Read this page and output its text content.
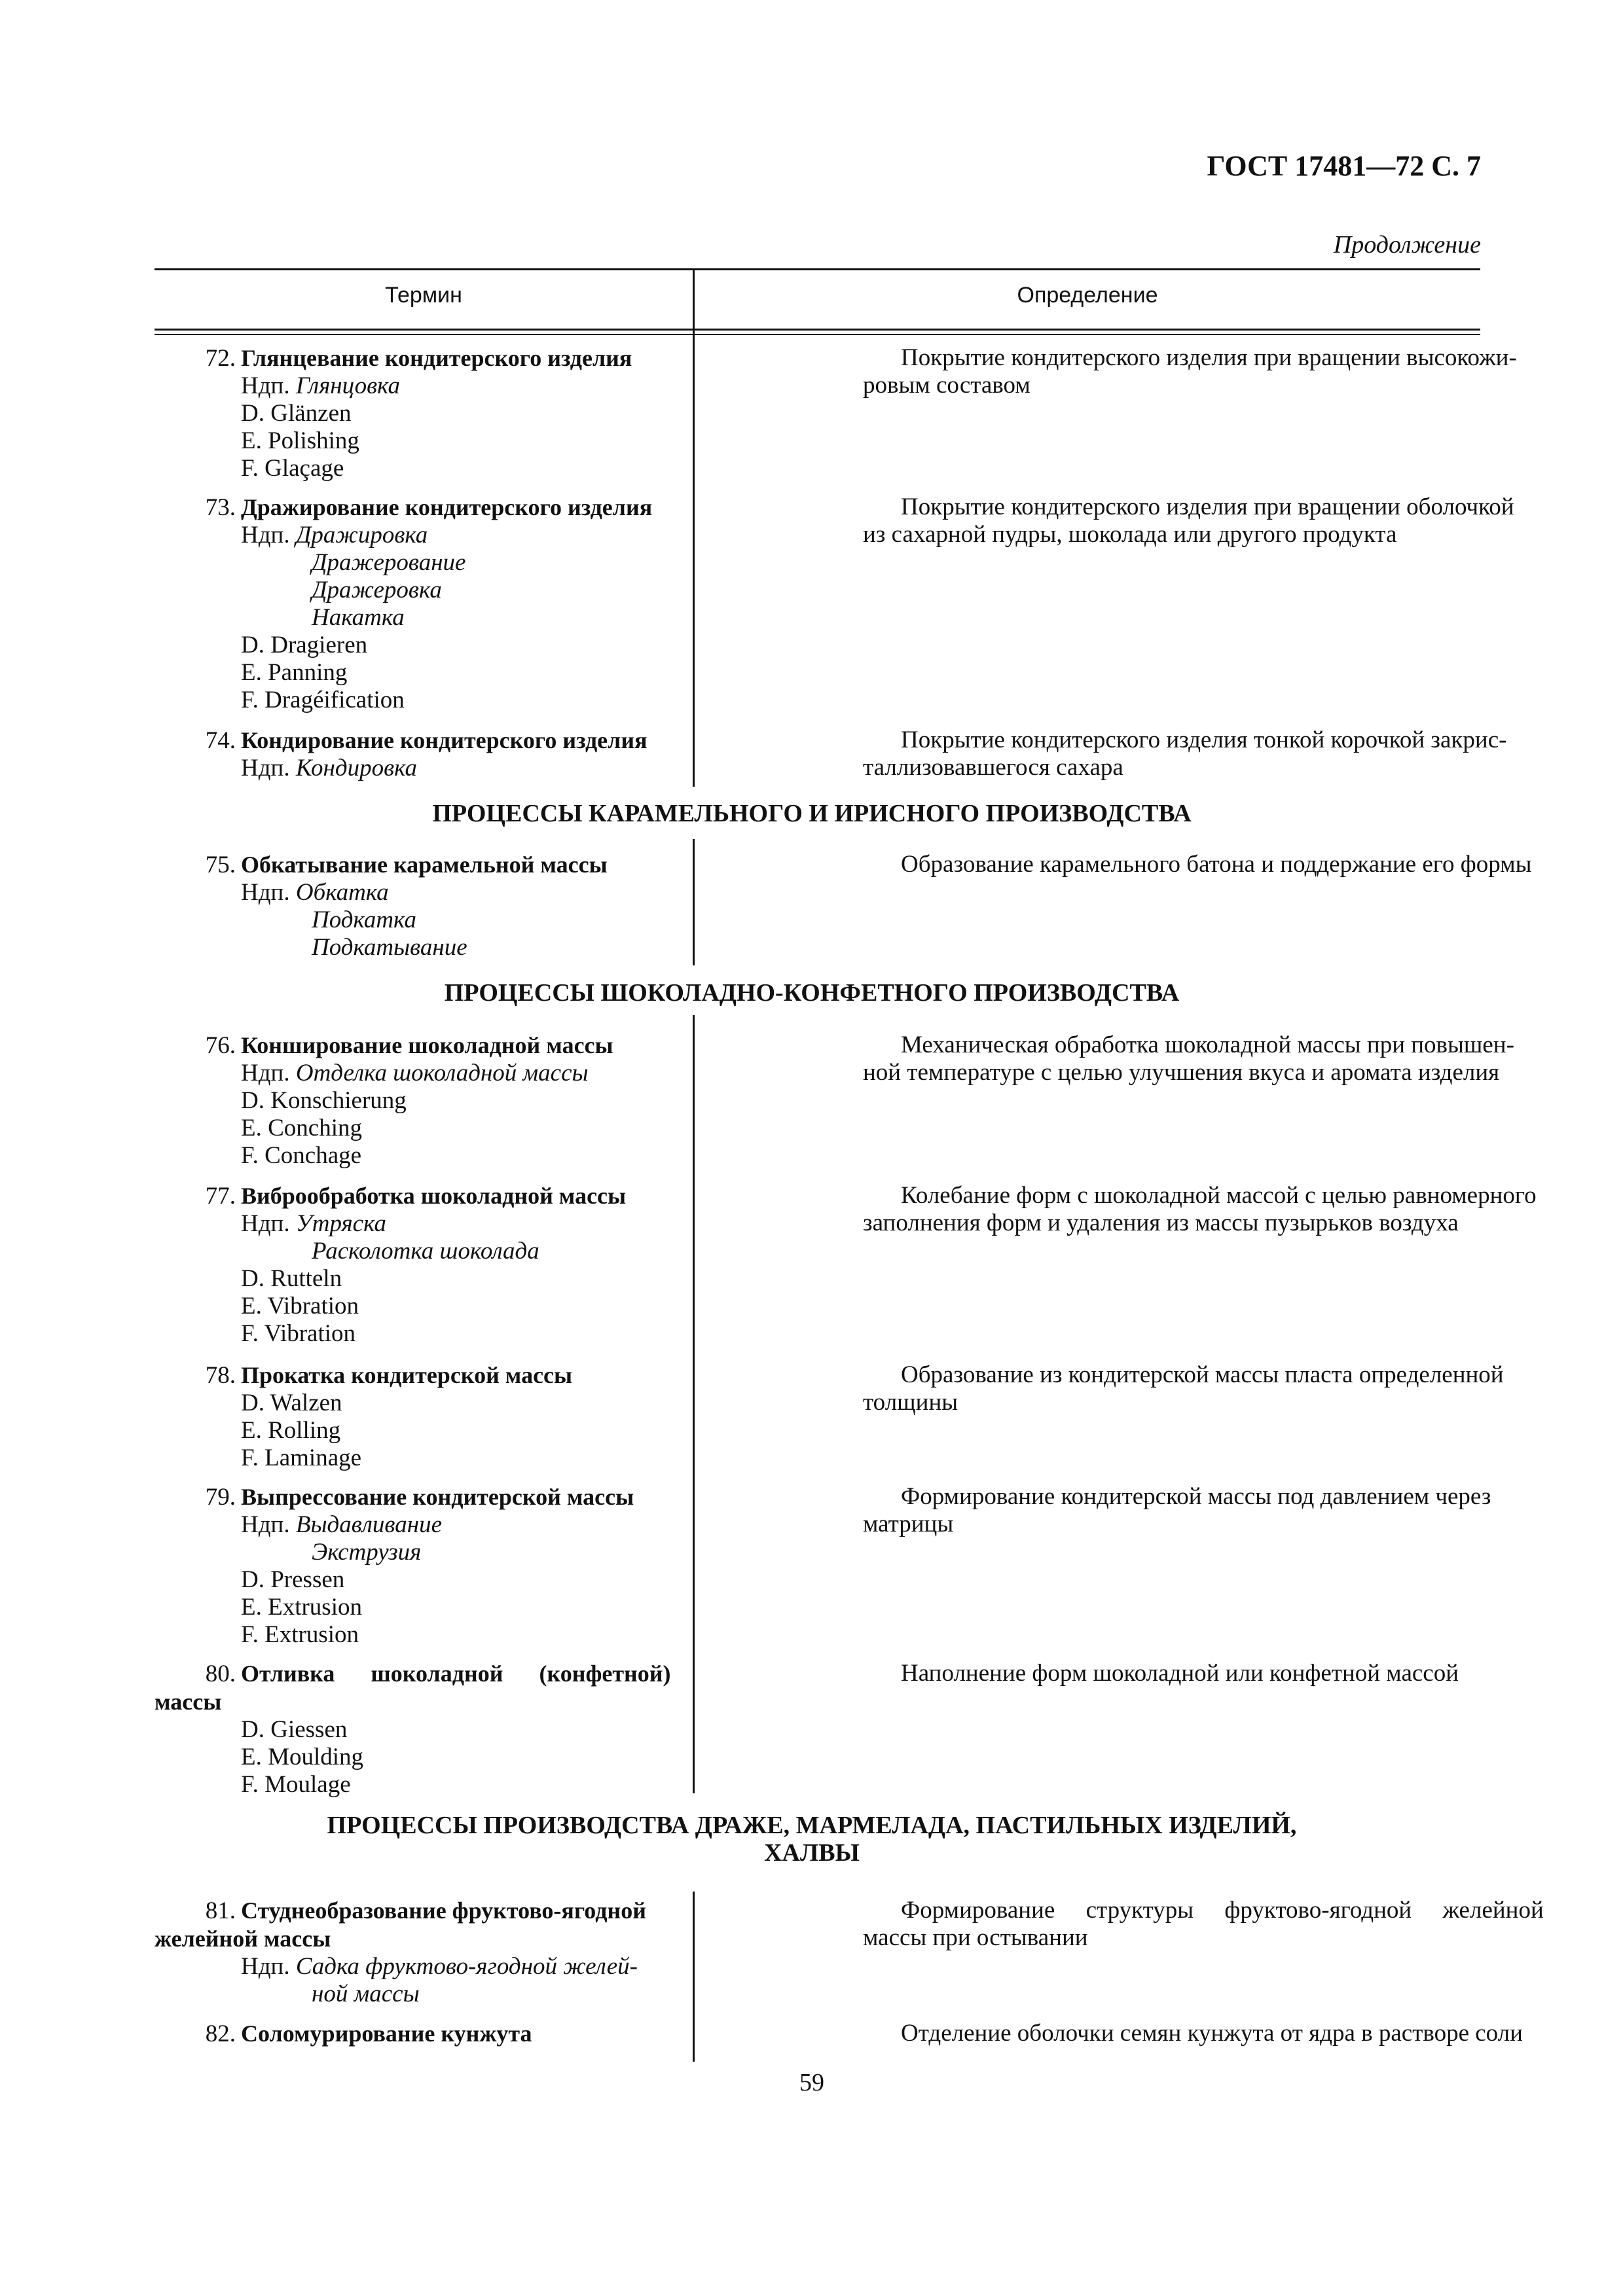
ГОСТ 17481—72 С. 7
Продолжение
Термин	Определение
72. Глянцевание кондитерского изделия
Ндп. Глянцовка
D. Glänzen
E. Polishing
F. Glaçage
Покрытие кондитерского изделия при вращении высокожи-
ровым составом
73. Дражирование кондитерского изделия
Ндп. Дражировка
Дражерование
Дражеровка
Накатка
D. Dragieren
E. Panning
F. Dragéification
Покрытие кондитерского изделия при вращении оболочкой
из сахарной пудры, шоколада или другого продукта
74. Кондирование кондитерского изделия
Ндп. Кондировка
Покрытие кондитерского изделия тонкой корочкой закрис-
таллизовавшегося сахара
ПРОЦЕССЫ КАРАМЕЛЬНОГО И ИРИСНОГО ПРОИЗВОДСТВА
75. Обкатывание карамельной массы
Ндп. Обкатка
Подкатка
Подкатывание
Образование карамельного батона и поддержание его формы
ПРОЦЕССЫ ШОКОЛАДНО-КОНФЕТНОГО ПРОИЗВОДСТВА
76. Конширование шоколадной массы
Ндп. Отделка шоколадной массы
D. Konschierung
E. Conching
F. Conchage
Механическая обработка шоколадной массы при повышен-
ной температуре с целью улучшения вкуса и аромата изделия
77. Виброобработка шоколадной массы
Ндп. Утряска
Расколотка шоколада
D. Rutteln
E. Vibration
F. Vibration
Колебание форм с шоколадной массой с целью равномерного
заполнения форм и удаления из массы пузырьков воздуха
78. Прокатка кондитерской массы
D. Walzen
E. Rolling
F. Laminage
Образование из кондитерской массы пласта определенной
толщины
79. Выпрессование кондитерской массы
Ндп. Выдавливание
Экструзия
D. Pressen
E. Extrusion
F. Extrusion
Формирование кондитерской массы под давлением через
матрицы
80. Отливка шоколадной (конфетной)
массы
D. Giessen
E. Moulding
F. Moulage
Наполнение форм шоколадной или конфетной массой
ПРОЦЕССЫ ПРОИЗВОДСТВА ДРАЖЕ, МАРМЕЛАДА, ПАСТИЛЬНЫХ ИЗДЕЛИЙ,
ХАЛВЫ
81. Студнеобразование фруктово-ягодной
желейной массы
Ндп. Садка фруктово-ягодной желей-
ной массы
Формирование структуры фруктово-ягодной желейной
массы при остывании
82. Соломурирование кунжута	Отделение оболочки семян кунжута от ядра в растворе соли
59
